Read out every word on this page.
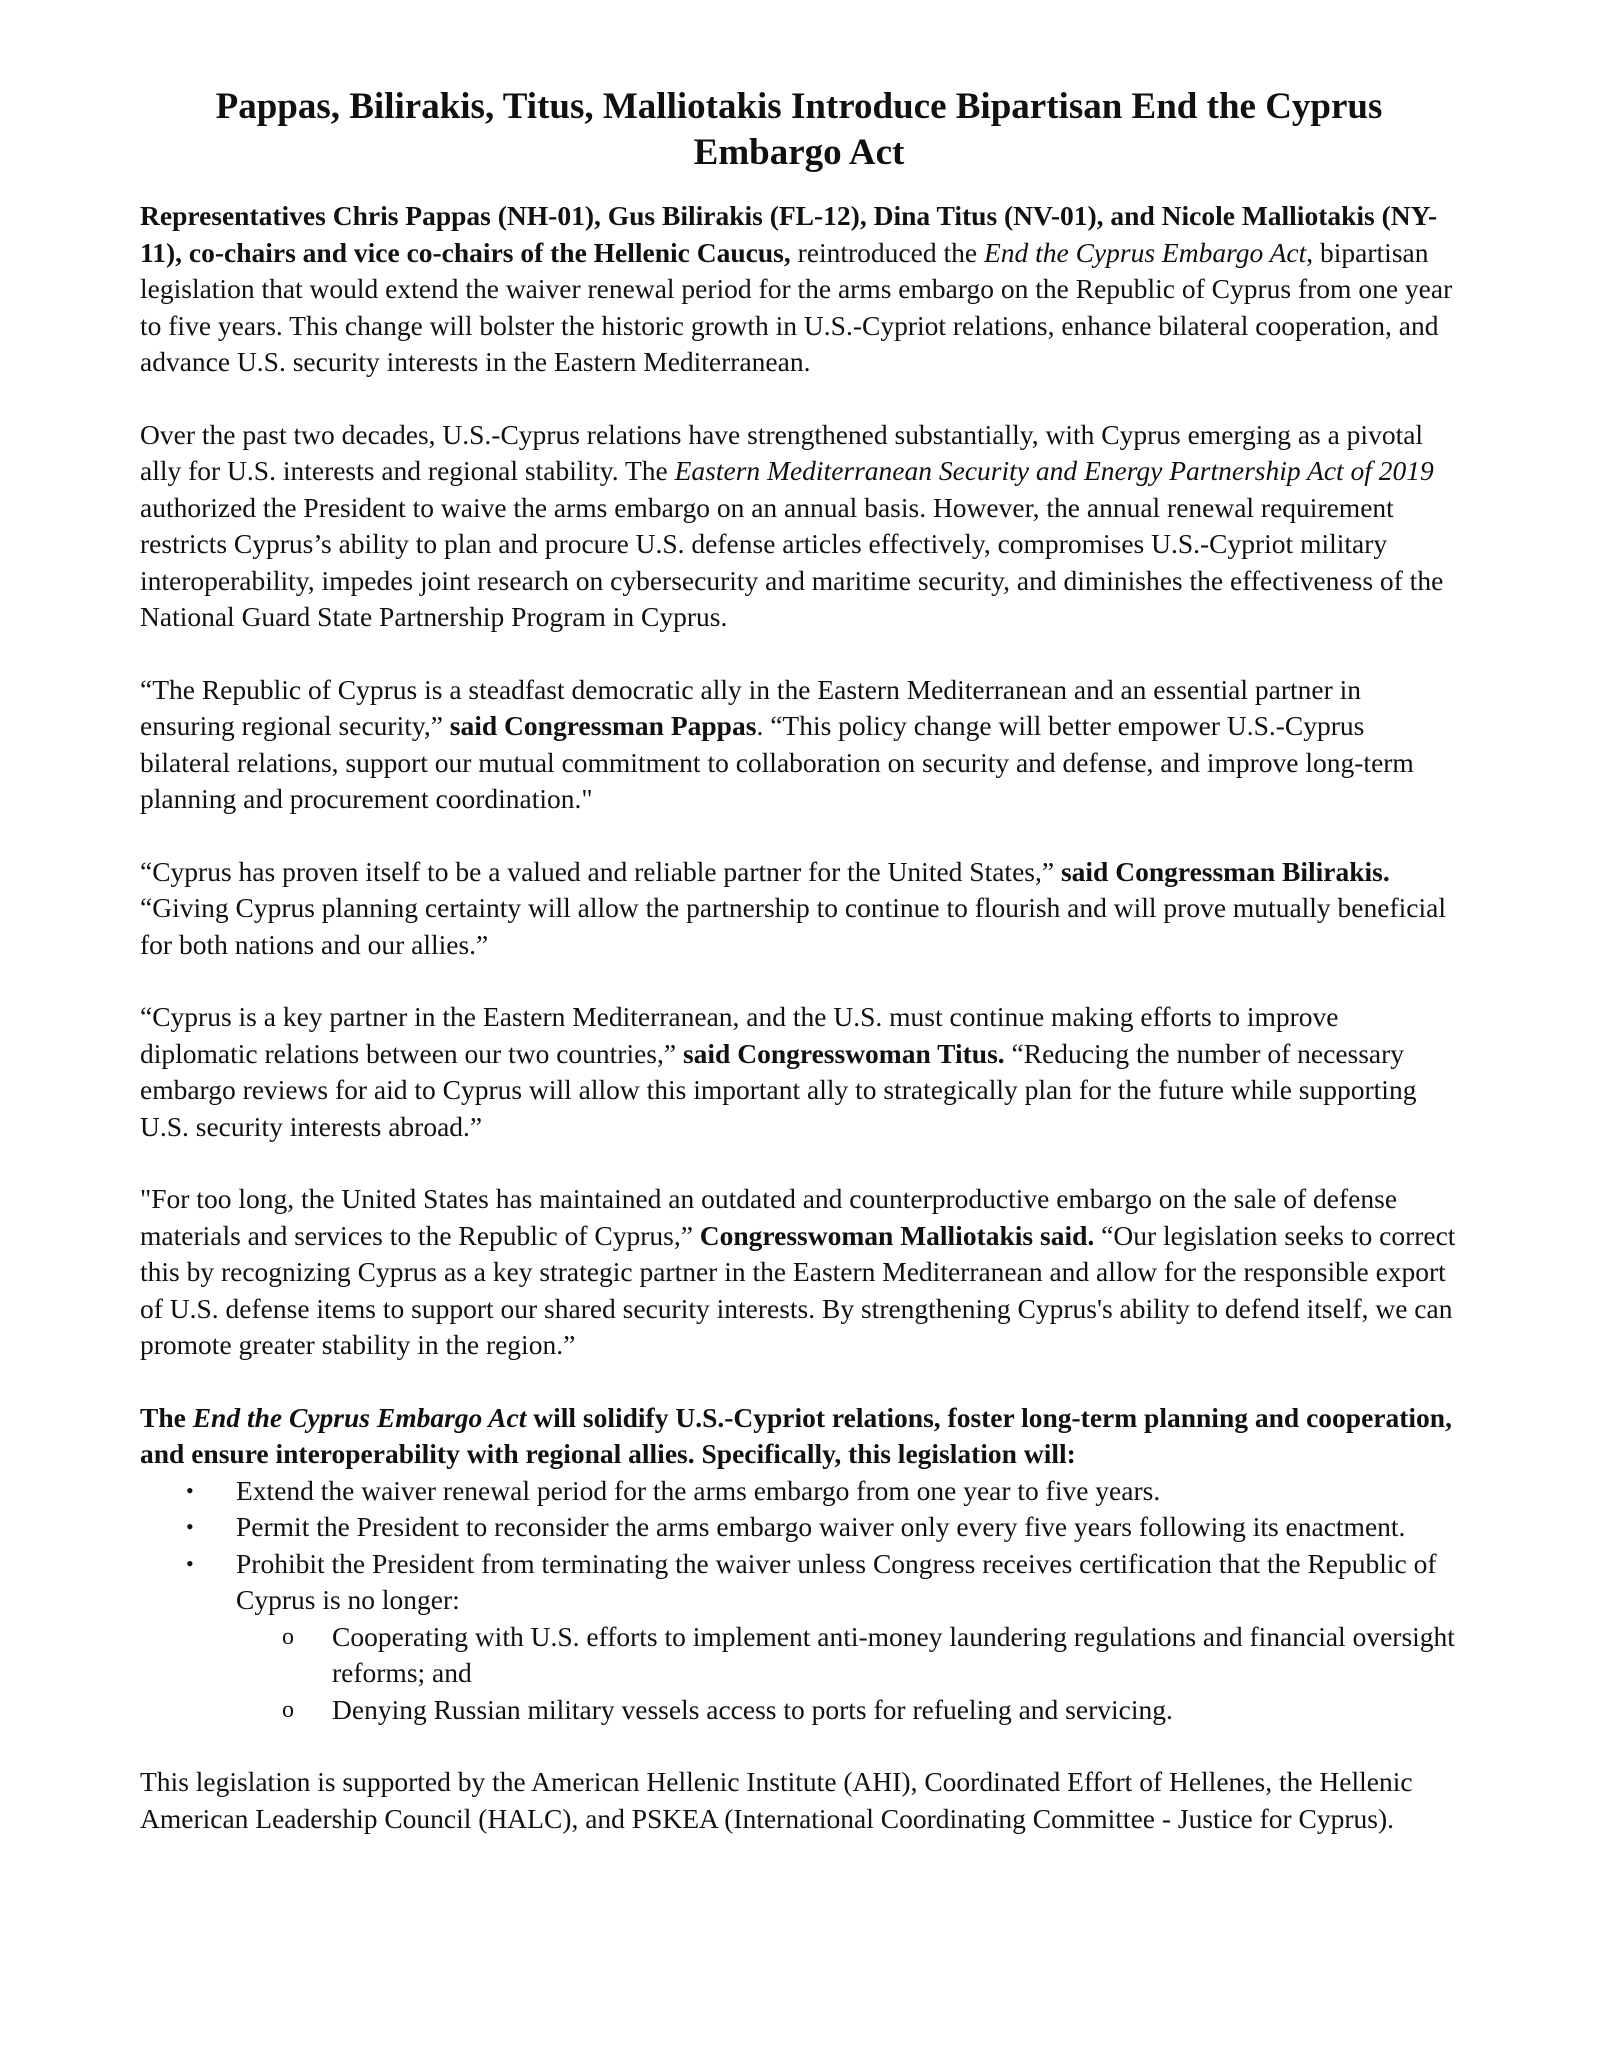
Pappas, Bilirakis, Titus, Malliotakis Introduce Bipartisan End the Cyprus Embargo Act

Representatives Chris Pappas (NH-01), Gus Bilirakis (FL-12), Dina Titus (NV-01), and Nicole Malliotakis (NY-11), co-chairs and vice co-chairs of the Hellenic Caucus, reintroduced the End the Cyprus Embargo Act, bipartisan legislation that would extend the waiver renewal period for the arms embargo on the Republic of Cyprus from one year to five years. This change will bolster the historic growth in U.S.-Cypriot relations, enhance bilateral cooperation, and advance U.S. security interests in the Eastern Mediterranean.

Over the past two decades, U.S.-Cyprus relations have strengthened substantially, with Cyprus emerging as a pivotal ally for U.S. interests and regional stability. The Eastern Mediterranean Security and Energy Partnership Act of 2019 authorized the President to waive the arms embargo on an annual basis. However, the annual renewal requirement restricts Cyprus’s ability to plan and procure U.S. defense articles effectively, compromises U.S.-Cypriot military interoperability, impedes joint research on cybersecurity and maritime security, and diminishes the effectiveness of the National Guard State Partnership Program in Cyprus.

“The Republic of Cyprus is a steadfast democratic ally in the Eastern Mediterranean and an essential partner in ensuring regional security,” said Congressman Pappas. “This policy change will better empower U.S.-Cyprus bilateral relations, support our mutual commitment to collaboration on security and defense, and improve long-term planning and procurement coordination."

“Cyprus has proven itself to be a valued and reliable partner for the United States,” said Congressman Bilirakis.  “Giving Cyprus planning certainty will allow the partnership to continue to flourish and will prove mutually beneficial for both nations and our allies.”

“Cyprus is a key partner in the Eastern Mediterranean, and the U.S. must continue making efforts to improve diplomatic relations between our two countries,” said Congresswoman Titus. “Reducing the number of necessary embargo reviews for aid to Cyprus will allow this important ally to strategically plan for the future while supporting U.S. security interests abroad.”

"For too long, the United States has maintained an outdated and counterproductive embargo on the sale of defense materials and services to the Republic of Cyprus,” Congresswoman Malliotakis said. “Our legislation seeks to correct this by recognizing Cyprus as a key strategic partner in the Eastern Mediterranean and allow for the responsible export of U.S. defense items to support our shared security interests. By strengthening Cyprus's ability to defend itself, we can promote greater stability in the region.”

The End the Cyprus Embargo Act will solidify U.S.-Cypriot relations, foster long-term planning and cooperation, and ensure interoperability with regional allies. Specifically, this legislation will:

• Extend the waiver renewal period for the arms embargo from one year to five years.
• Permit the President to reconsider the arms embargo waiver only every five years following its enactment.
• Prohibit the President from terminating the waiver unless Congress receives certification that the Republic of Cyprus is no longer:
o Cooperating with U.S. efforts to implement anti-money laundering regulations and financial oversight reforms; and
o Denying Russian military vessels access to ports for refueling and servicing.

This legislation is supported by the American Hellenic Institute (AHI), Coordinated Effort of Hellenes, the Hellenic American Leadership Council (HALC), and PSKEA (International Coordinating Committee - Justice for Cyprus).
